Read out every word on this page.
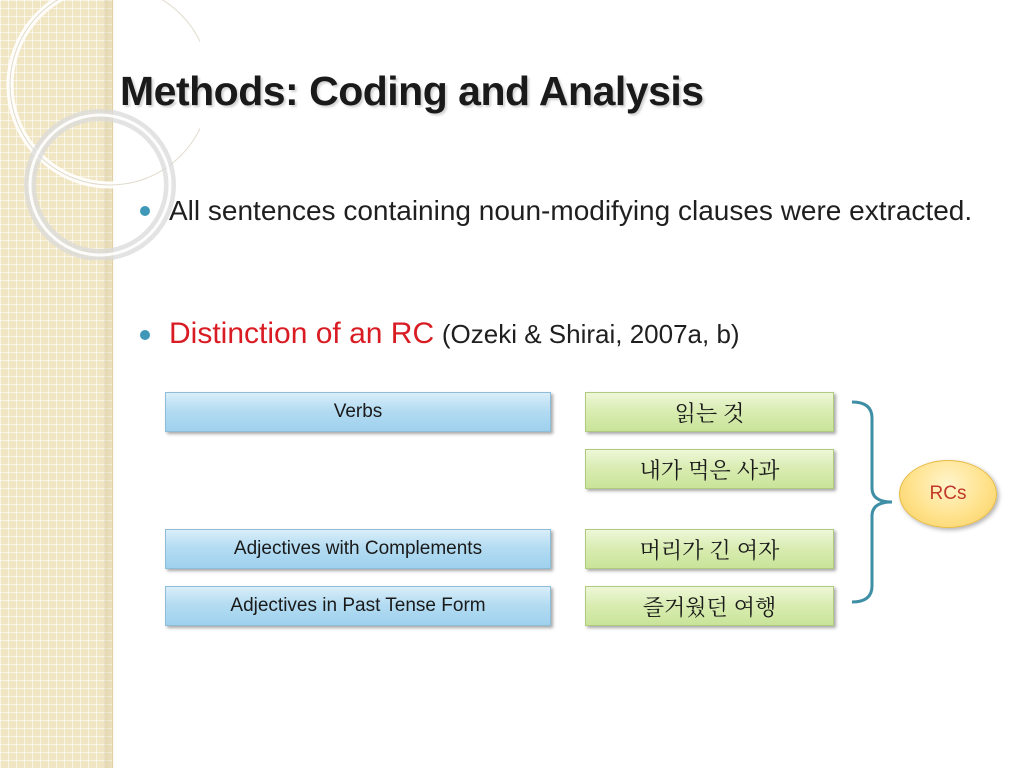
Methods: Coding and Analysis
All sentences containing noun-modifying clauses were extracted.
Distinction of an RC (Ozeki & Shirai, 2007a, b)
Verbs
Adjectives with Complements
Adjectives in Past Tense Form
읽는 것
내가 먹은 사과
머리가 긴 여자
즐거웠던 여행
RCs
